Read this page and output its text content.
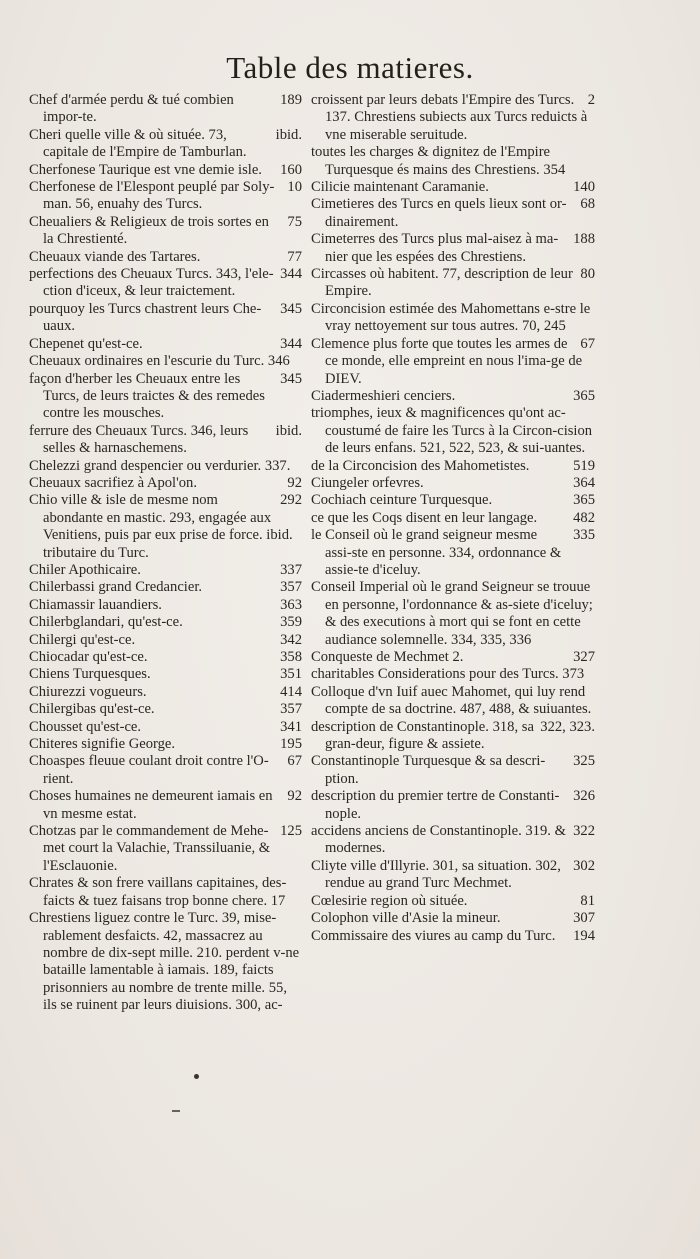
Table des matieres.

189
Chef d'armée perdu & tué combien impor-te.

ibid.
Cheri quelle ville & où située. 73, capitale de l'Empire de Tamburlan.

160
Cherfonese Taurique est vne demie isle.

10
Cherfonese de l'Elespont peuplé par Soly-man. 56, enuahy des Turcs.

75
Cheualiers & Religieux de trois sortes en la Chrestienté.

77
Cheuaux viande des Tartares.

344
perfections des Cheuaux Turcs. 343, l'ele-ction d'iceux, & leur traictement.

345
pourquoy les Turcs chastrent leurs Che-uaux.

344
Chepenet qu'est-ce.

Cheuaux ordinaires en l'escurie du Turc. 346

345
façon d'herber les Cheuaux entre les Turcs, de leurs traictes & des remedes contre les mousches.

ibid.
ferrure des Cheuaux Turcs. 346, leurs selles & harnaschemens.

Chelezzi grand despencier ou verdurier. 337.

92
Cheuaux sacrifiez à Apol'on.

292
Chio ville & isle de mesme nom abondante en mastic. 293, engagée aux Venitiens, puis par eux prise de force. ibid. tributaire du Turc.

337
Chiler Apothicaire.

357
Chilerbassi grand Credancier.

363
Chiamassir lauandiers.

359
Chilerbglandari, qu'est-ce.

342
Chilergi qu'est-ce.

358
Chiocadar qu'est-ce.

351
Chiens Turquesques.

414
Chiurezzi vogueurs.

357
Chilergibas qu'est-ce.

341
Chousset qu'est-ce.

195
Chiteres signifie George.

67
Choaspes fleuue coulant droit contre l'O-rient.

92
Choses humaines ne demeurent iamais en vn mesme estat.

125
Chotzas par le commandement de Mehe-met court la Valachie, Transsiluanie, & l'Esclauonie.

Chrates & son frere vaillans capitaines, des-faicts & tuez faisans trop bonne chere. 17

Chrestiens liguez contre le Turc. 39, mise-rablement desfaicts. 42, massacrez au nombre de dix-sept mille. 210. perdent v-ne bataille lamentable à iamais. 189, faicts prisonniers au nombre de trente mille. 55, ils se ruinent par leurs diuisions. 300, ac-

2
croissent par leurs debats l'Empire des Turcs. 137. Chrestiens subiects aux Turcs reduicts à vne miserable seruitude.

toutes les charges & dignitez de l'Empire Turquesque és mains des Chrestiens. 354

140
Cilicie maintenant Caramanie.

68
Cimetieres des Turcs en quels lieux sont or-dinairement.

188
Cimeterres des Turcs plus mal-aisez à ma-nier que les espées des Chrestiens.

80
Circasses où habitent. 77, description de leur Empire.

Circoncision estimée des Mahomettans e-stre le vray nettoyement sur tous autres. 70, 245

67
Clemence plus forte que toutes les armes de ce monde, elle empreint en nous l'ima-ge de DIEV.

365
Ciadermeshieri cenciers.

triomphes, ieux & magnificences qu'ont ac-coustumé de faire les Turcs à la Circon-cision de leurs enfans. 521, 522, 523, & sui-uantes.

519
de la Circoncision des Mahometistes.

364
Ciungeler orfevres.

365
Cochiach ceinture Turquesque.

482
ce que les Coqs disent en leur langage.

335
le Conseil où le grand seigneur mesme assi-ste en personne. 334, ordonnance & assie-te d'iceluy.

Conseil Imperial où le grand Seigneur se trouue en personne, l'ordonnance & as-siete d'iceluy; & des executions à mort qui se font en cette audiance solemnelle. 334, 335, 336

327
Conqueste de Mechmet 2.

charitables Considerations pour des Turcs. 373

Colloque d'vn Iuif auec Mahomet, qui luy rend compte de sa doctrine. 487, 488, & suiuantes.

322, 323.
description de Constantinople. 318, sa gran-deur, figure & assiete.

325
Constantinople Turquesque & sa descri-ption.

326
description du premier tertre de Constanti-nople.

322
accidens anciens de Constantinople. 319. & modernes.

302
Cliyte ville d'Illyrie. 301, sa situation. 302, rendue au grand Turc Mechmet.

81
Cœlesirie region où située.

307
Colophon ville d'Asie la mineur.

194
Commissaire des viures au camp du Turc.
